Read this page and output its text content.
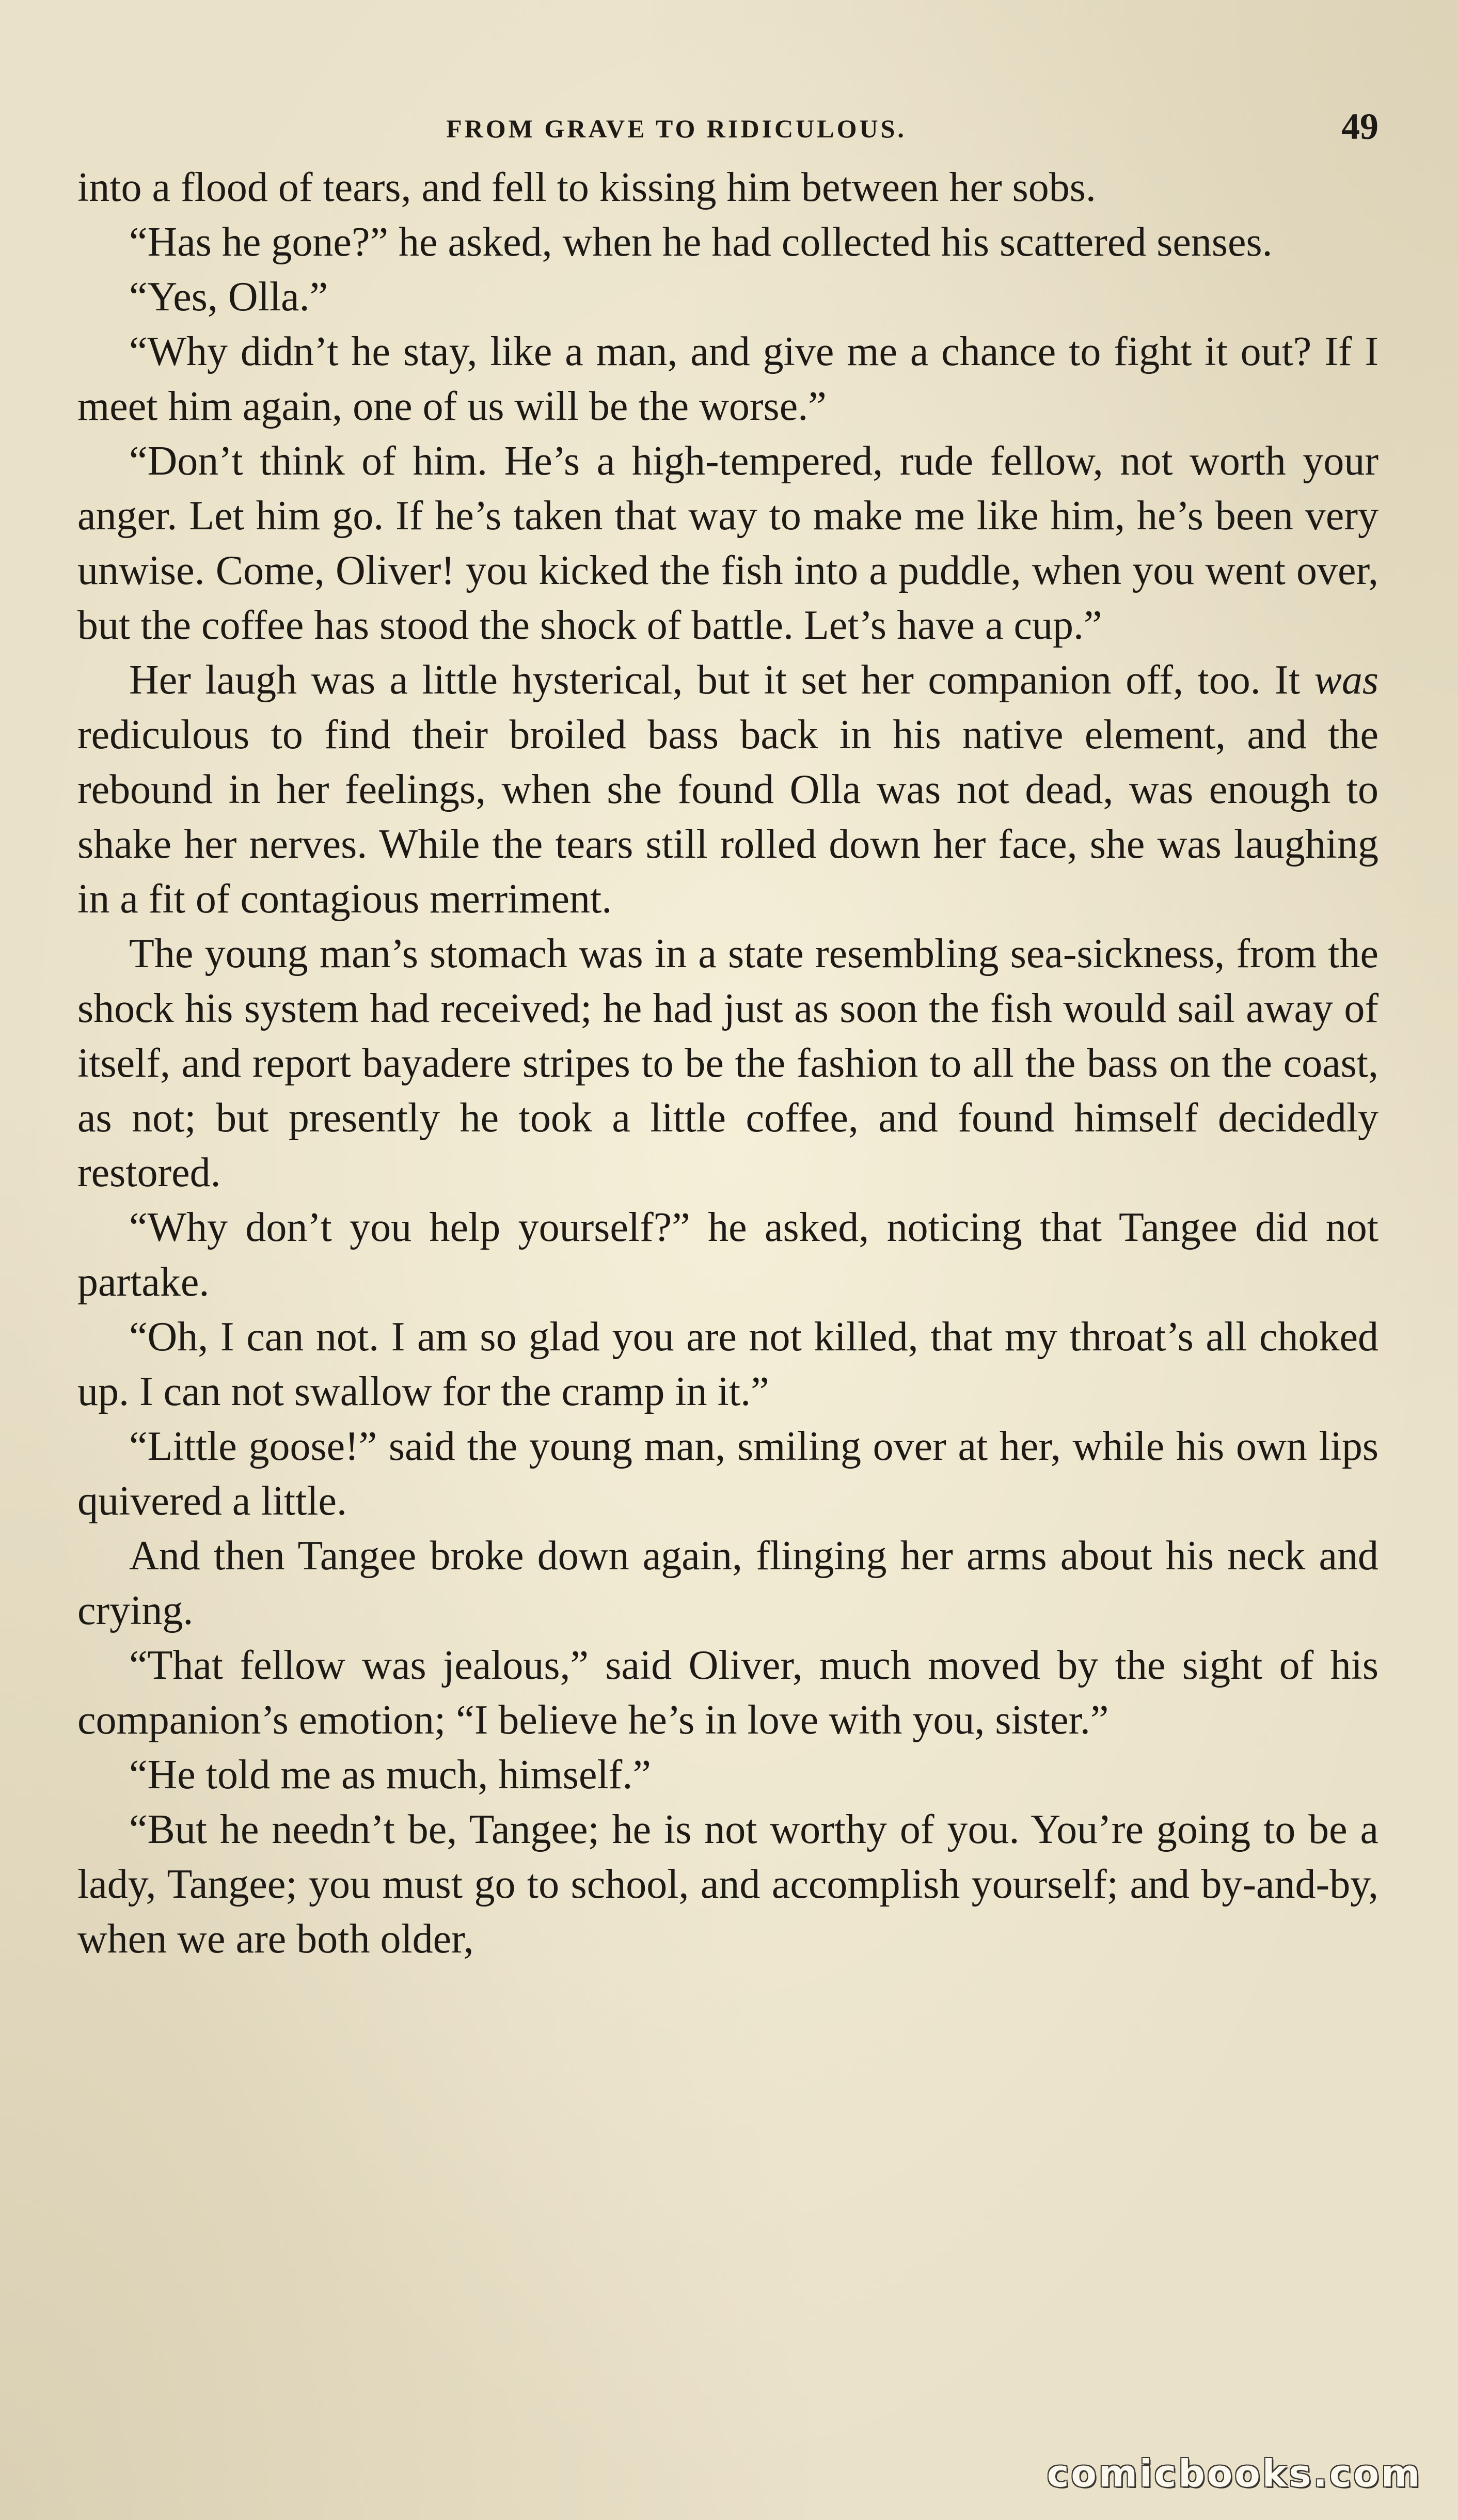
FROM GRAVE TO RIDICULOUS.	49

into a flood of tears, and fell to kissing him between her sobs.

“Has he gone?” he asked, when he had collected his scattered senses.

“Yes, Olla.”

“Why didn’t he stay, like a man, and give me a chance to fight it out? If I meet him again, one of us will be the worse.”

“Don’t think of him. He’s a high-tempered, rude fellow, not worth your anger. Let him go. If he’s taken that way to make me like him, he’s been very unwise. Come, Oliver! you kicked the fish into a puddle, when you went over, but the coffee has stood the shock of battle. Let’s have a cup.”

Her laugh was a little hysterical, but it set her companion off, too. It was rediculous to find their broiled bass back in his native element, and the rebound in her feelings, when she found Olla was not dead, was enough to shake her nerves. While the tears still rolled down her face, she was laughing in a fit of contagious merriment.

The young man’s stomach was in a state resembling sea-sickness, from the shock his system had received; he had just as soon the fish would sail away of itself, and report bayadere stripes to be the fashion to all the bass on the coast, as not; but presently he took a little coffee, and found himself decidedly restored.

“Why don’t you help yourself?” he asked, noticing that Tangee did not partake.

“Oh, I can not. I am so glad you are not killed, that my throat’s all choked up. I can not swallow for the cramp in it.”

“Little goose!” said the young man, smiling over at her, while his own lips quivered a little.

And then Tangee broke down again, flinging her arms about his neck and crying.

“That fellow was jealous,” said Oliver, much moved by the sight of his companion’s emotion; “I believe he’s in love with you, sister.”

“He told me as much, himself.”

“But he needn’t be, Tangee; he is not worthy of you. You’re going to be a lady, Tangee; you must go to school, and accomplish yourself; and by-and-by, when we are both older,

comicbooks.com
